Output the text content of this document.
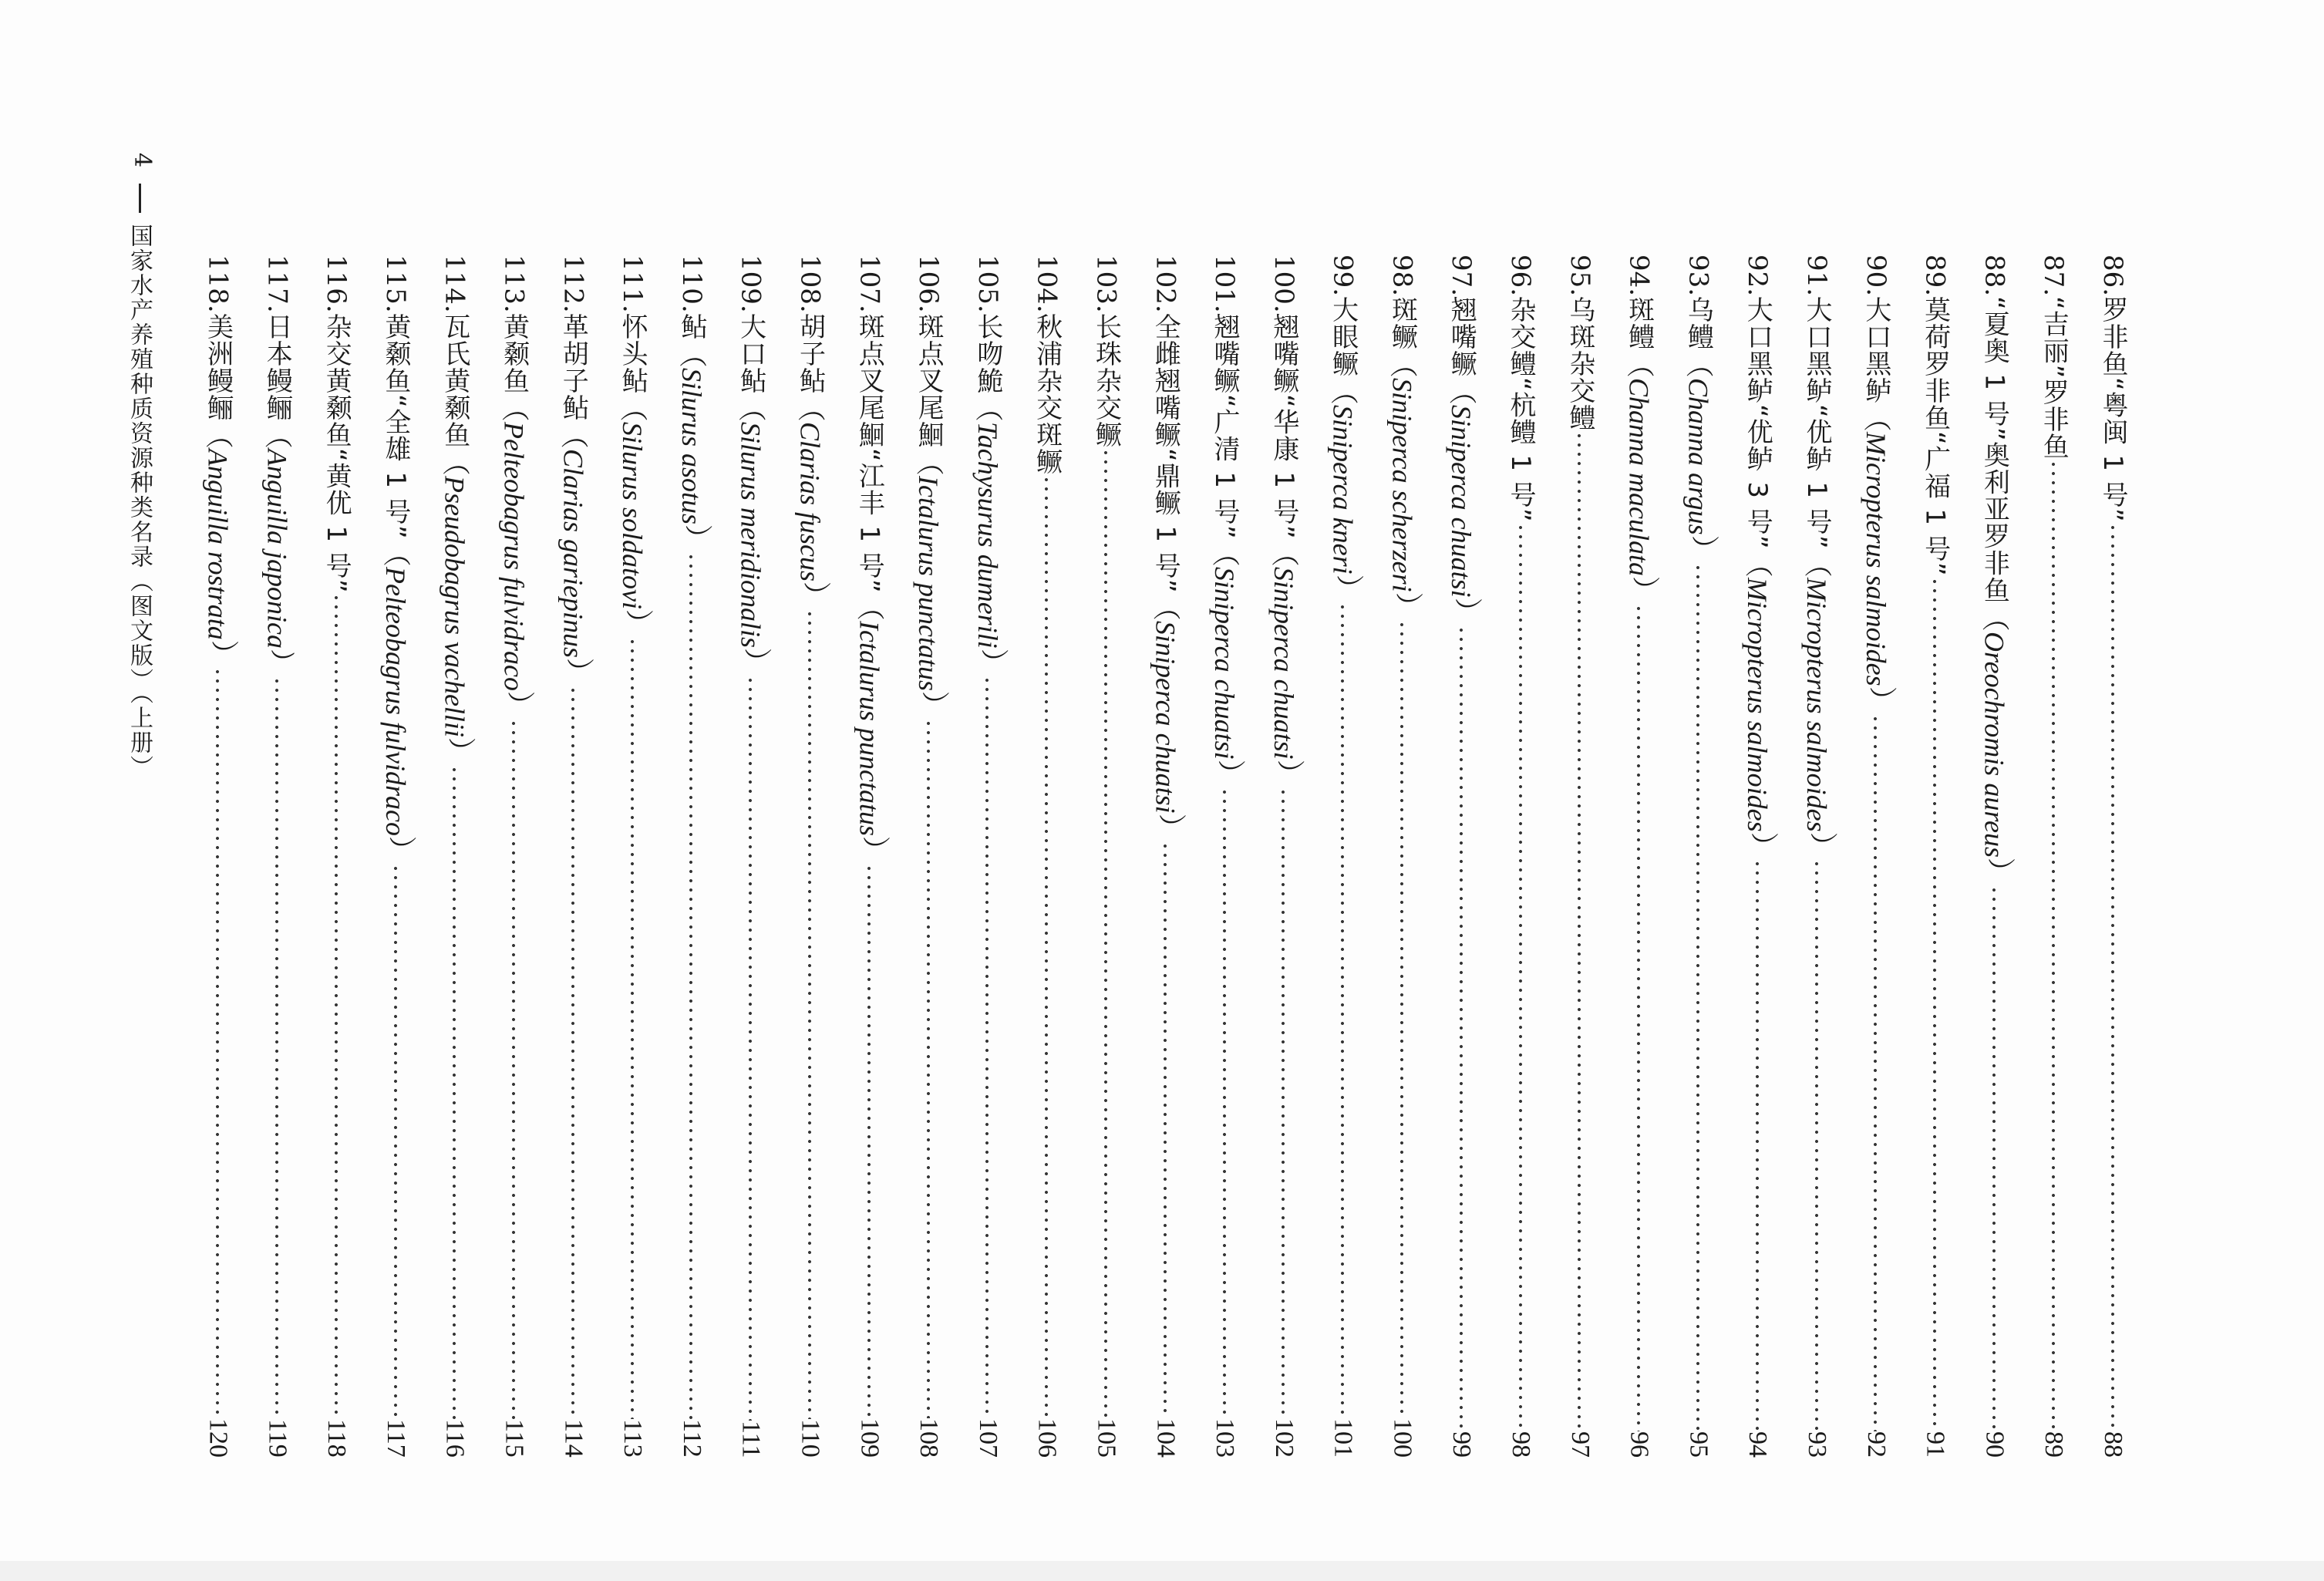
4
国家水产养殖种质资源种类名录（图文版）（上册）	86.
罗非鱼“粤闽 1 号”
88
87.
“吉丽”罗非鱼
89
88.
“夏奥 1 号”奥利亚罗非鱼
（Oreochromis aureus）
90
89.
莫荷罗非鱼“广福 1 号”
91
90.
大口黑鲈
（Micropterus salmoides）
92
91.
大口黑鲈“优鲈 1 号”
（Micropterus salmoides）
93
92.
大口黑鲈“优鲈 3 号”
（Micropterus salmoides）
94
93.
乌鳢
（Channa argus）
95
94.
斑鳢
（Channa maculata）
96
95.
乌斑杂交鳢
97
96.
杂交鳢“杭鳢 1 号”
98
97.
翘嘴鳜
（Siniperca chuatsi）
99
98.
斑鳜
（Siniperca scherzeri）
100
99.
大眼鳜
（Siniperca kneri）
101
100.
翘嘴鳜“华康 1 号”
（Siniperca chuatsi）
102
101.
翘嘴鳜“广清 1 号”
（Siniperca chuatsi）
103
102.
全雌翘嘴鳜“鼎鳜 1 号”
（Siniperca chuatsi）
104
103.
长珠杂交鳜
105
104.
秋浦杂交斑鳜
106
105.
长吻鮠
（Tachysurus dumerili）
107
106.
斑点叉尾鮰
（Ictalurus punctatus）
108
107.
斑点叉尾鮰“江丰 1 号”
（Ictalurus punctatus）
109
108.
胡子鲇
（Clarias fuscus）
110
109.
大口鲇
（Silurus meridionalis）
111
110.
鲇
（Silurus asotus）
112
111.
怀头鲇
（Silurus soldatovi）
113
112.
革胡子鲇
（Clarias gariepinus）
114
113.
黄颡鱼
（Pelteobagrus fulvidraco）
115
114.
瓦氏黄颡鱼
（Pseudobagrus vachellii）
116
115.
黄颡鱼“全雄 1 号”
（Pelteobagrus fulvidraco）
117
116.
杂交黄颡鱼“黄优 1 号”
118
117.
日本鳗鲡
（Anguilla japonica）
119
118.
美洲鳗鲡
（Anguilla rostrata）
120
